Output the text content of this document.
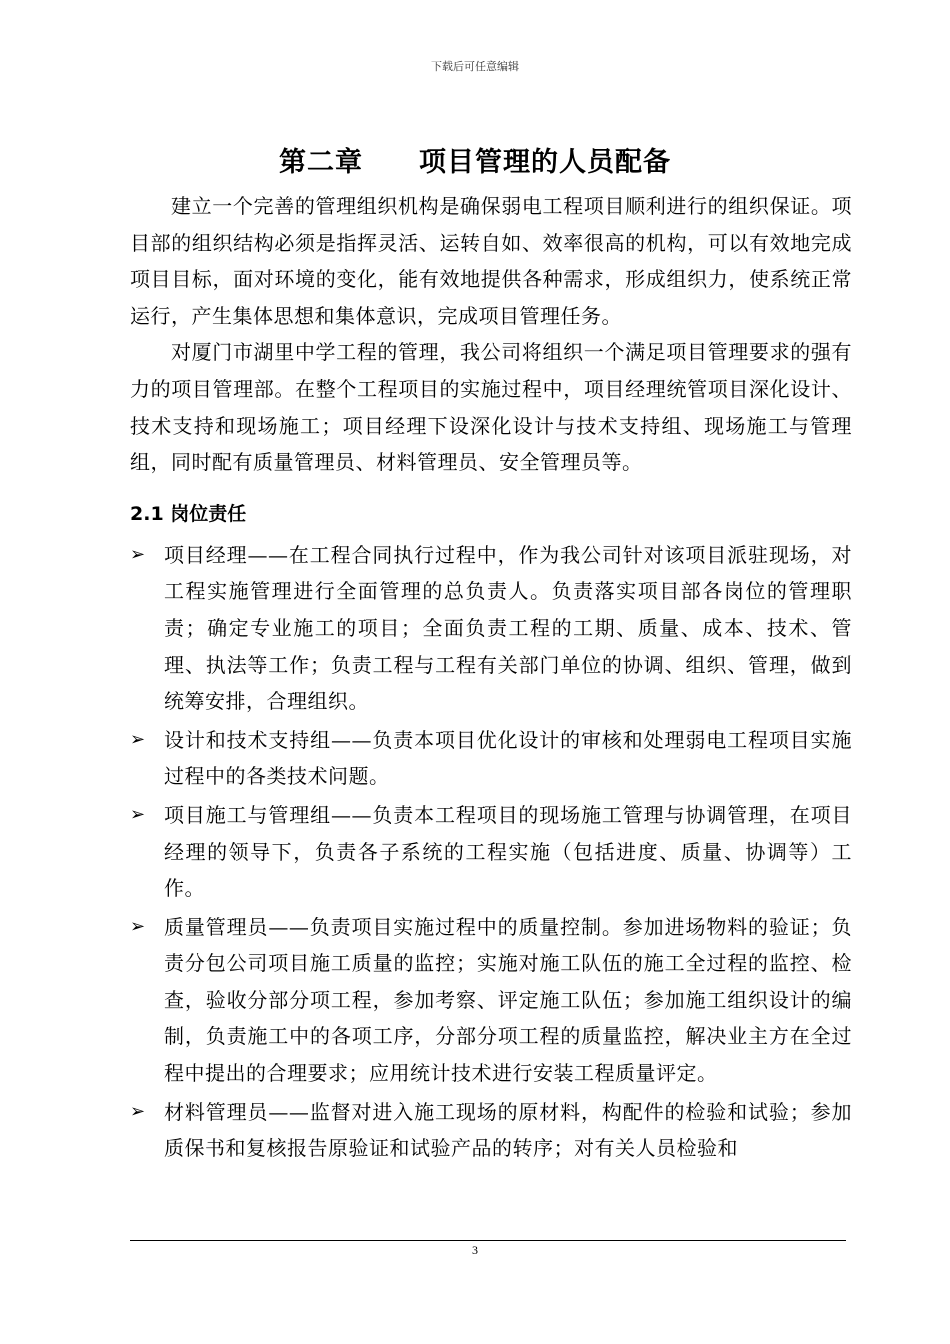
下载后可任意编辑
第二章　　项目管理的人员配备

建立一个完善的管理组织机构是确保弱电工程项目顺利进行的组织保证。项目部的组织结构必须是指挥灵活、运转自如、效率很高的机构，可以有效地完成项目目标，面对环境的变化，能有效地提供各种需求，形成组织力，使系统正常运行，产生集体思想和集体意识，完成项目管理任务。

对厦门市湖里中学工程的管理，我公司将组织一个满足项目管理要求的强有力的项目管理部。在整个工程项目的实施过程中，项目经理统管项目深化设计、技术支持和现场施工；项目经理下设深化设计与技术支持组、现场施工与管理组，同时配有质量管理员、材料管理员、安全管理员等。

2.1 岗位责任
➢ 项目经理——在工程合同执行过程中，作为我公司针对该项目派驻现场，对工程实施管理进行全面管理的总负责人。负责落实项目部各岗位的管理职责；确定专业施工的项目；全面负责工程的工期、质量、成本、技术、管理、执法等工作；负责工程与工程有关部门单位的协调、组织、管理，做到统筹安排，合理组织。
➢ 设计和技术支持组——负责本项目优化设计的审核和处理弱电工程项目实施过程中的各类技术问题。
➢ 项目施工与管理组——负责本工程项目的现场施工管理与协调管理，在项目经理的领导下，负责各子系统的工程实施（包括进度、质量、协调等）工作。
➢ 质量管理员——负责项目实施过程中的质量控制。参加进场物料的验证；负责分包公司项目施工质量的监控；实施对施工队伍的施工全过程的监控、检查，验收分部分项工程，参加考察、评定施工队伍；参加施工组织设计的编制，负责施工中的各项工序，分部分项工程的质量监控，解决业主方在全过程中提出的合理要求；应用统计技术进行安装工程质量评定。
➢ 材料管理员——监督对进入施工现场的原材料，构配件的检验和试验；参加质保书和复核报告原验证和试验产品的转序；对有关人员检验和
3
